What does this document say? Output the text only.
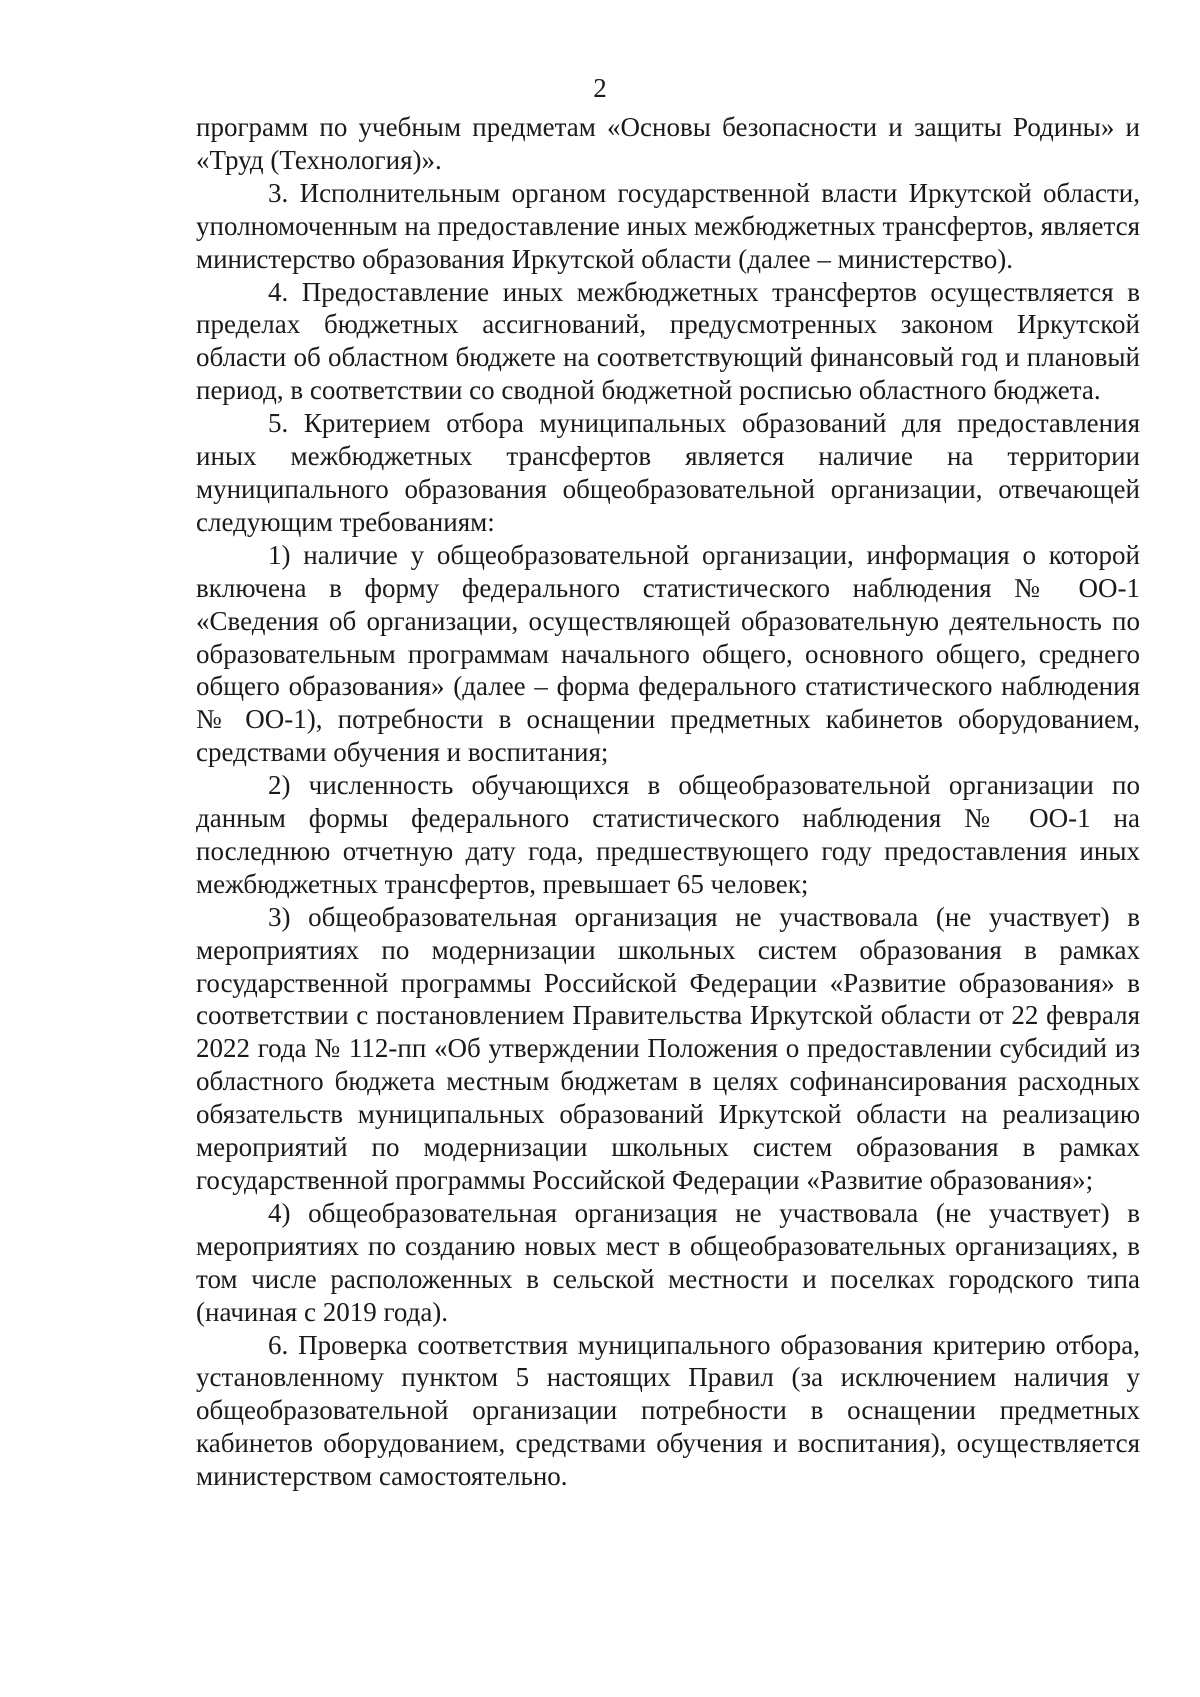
2

программ по учебным предметам «Основы безопасности и защиты Родины» и «Труд (Технология)».

3. Исполнительным органом государственной власти Иркутской области, уполномоченным на предоставление иных межбюджетных трансфертов, является министерство образования Иркутской области (далее – министерство).

4. Предоставление иных межбюджетных трансфертов осуществляется в пределах бюджетных ассигнований, предусмотренных законом Иркутской области об областном бюджете на соответствующий финансовый год и плановый период, в соответствии со сводной бюджетной росписью областного бюджета.

5. Критерием отбора муниципальных образований для предоставления иных межбюджетных трансфертов является наличие на территории муниципального образования общеобразовательной организации, отвечающей следующим требованиям:

1) наличие у общеобразовательной организации, информация о которой включена в форму федерального статистического наблюдения № ОО-1 «Сведения об организации, осуществляющей образовательную деятельность по образовательным программам начального общего, основного общего, среднего общего образования» (далее – форма федерального статистического наблюдения № ОО-1), потребности в оснащении предметных кабинетов оборудованием, средствами обучения и воспитания;

2) численность обучающихся в общеобразовательной организации по данным формы федерального статистического наблюдения № ОО-1 на последнюю отчетную дату года, предшествующего году предоставления иных межбюджетных трансфертов, превышает 65 человек;

3) общеобразовательная организация не участвовала (не участвует) в мероприятиях по модернизации школьных систем образования в рамках государственной программы Российской Федерации «Развитие образования» в соответствии с постановлением Правительства Иркутской области от 22 февраля 2022 года № 112-пп «Об утверждении Положения о предоставлении субсидий из областного бюджета местным бюджетам в целях софинансирования расходных обязательств муниципальных образований Иркутской области на реализацию мероприятий по модернизации школьных систем образования в рамках государственной программы Российской Федерации «Развитие образования»;

4) общеобразовательная организация не участвовала (не участвует) в мероприятиях по созданию новых мест в общеобразовательных организациях, в том числе расположенных в сельской местности и поселках городского типа (начиная с 2019 года).

6. Проверка соответствия муниципального образования критерию отбора, установленному пунктом 5 настоящих Правил (за исключением наличия у общеобразовательной организации потребности в оснащении предметных кабинетов оборудованием, средствами обучения и воспитания), осуществляется министерством самостоятельно.
